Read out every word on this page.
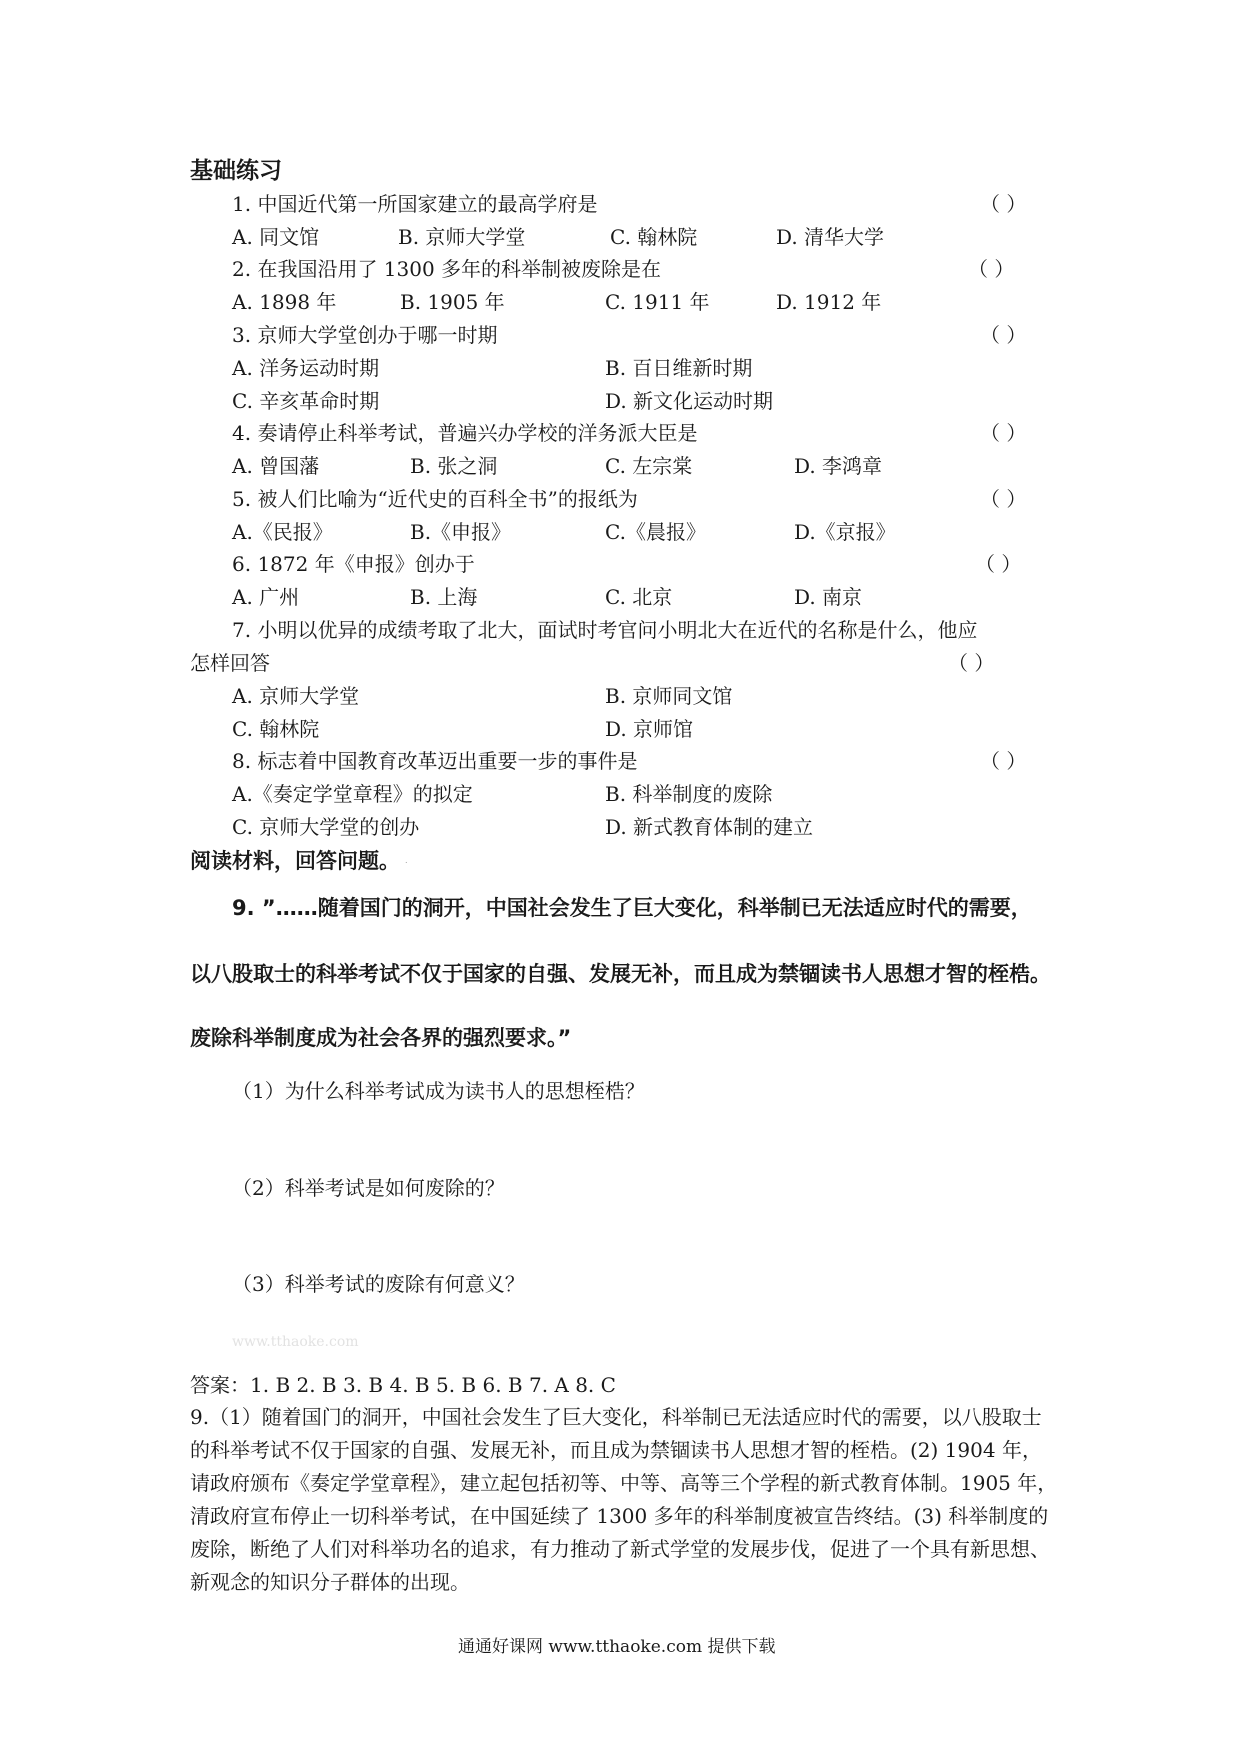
基础练习
1. 中国近代第一所国家建立的最高学府是	（ ）
A. 同文馆	B. 京师大学堂	C. 翰林院	D. 清华大学
2. 在我国沿用了 1300 多年的科举制被废除是在	（ ）
A. 1898 年	B. 1905 年	C. 1911 年	D. 1912 年
3. 京师大学堂创办于哪一时期	（ ）
A. 洋务运动时期	B. 百日维新时期
C. 辛亥革命时期	D. 新文化运动时期
4. 奏请停止科举考试，普遍兴办学校的洋务派大臣是	（ ）
A. 曾国藩	B. 张之洞	C. 左宗棠	D. 李鸿章
5. 被人们比喻为“近代史的百科全书”的报纸为	（ ）
A.《民报》	B.《申报》	C.《晨报》	D.《京报》
6. 1872 年《申报》创办于	（ ）
A. 广州	B. 上海	C. 北京	D. 南京
7. 小明以优异的成绩考取了北大，面试时考官问小明北大在近代的名称是什么，他应
怎样回答	（ ）
A. 京师大学堂	B. 京师同文馆
C. 翰林院	D. 京师馆
8. 标志着中国教育改革迈出重要一步的事件是	（ ）
A.《奏定学堂章程》的拟定	B. 科举制度的废除
C. 京师大学堂的创办	D. 新式教育体制的建立
阅读材料，回答问题。 .
9. ”……随着国门的洞开，中国社会发生了巨大变化，科举制已无法适应时代的需要，
以八股取士的科举考试不仅于国家的自强、发展无补，而且成为禁锢读书人思想才智的桎梏。
废除科举制度成为社会各界的强烈要求。”
（1）为什么科举考试成为读书人的思想桎梏？
（2）科举考试是如何废除的？
（3）科举考试的废除有何意义？
www.tthaoke.com
答案：1. B 2. B 3. B 4. B 5. B 6. B 7. A 8. C
9.（1）随着国门的洞开，中国社会发生了巨大变化，科举制已无法适应时代的需要，以八股取士的科举考试不仅于国家的自强、发展无补，而且成为禁锢读书人思想才智的桎梏。(2) 1904 年，请政府颁布《奏定学堂章程》，建立起包括初等、中等、高等三个学程的新式教育体制。1905 年，清政府宣布停止一切科举考试，在中国延续了 1300 多年的科举制度被宣告终结。(3) 科举制度的废除，断绝了人们对科举功名的追求，有力推动了新式学堂的发展步伐，促进了一个具有新思想、新观念的知识分子群体的出现。
通通好课网 www.tthaoke.com 提供下载
